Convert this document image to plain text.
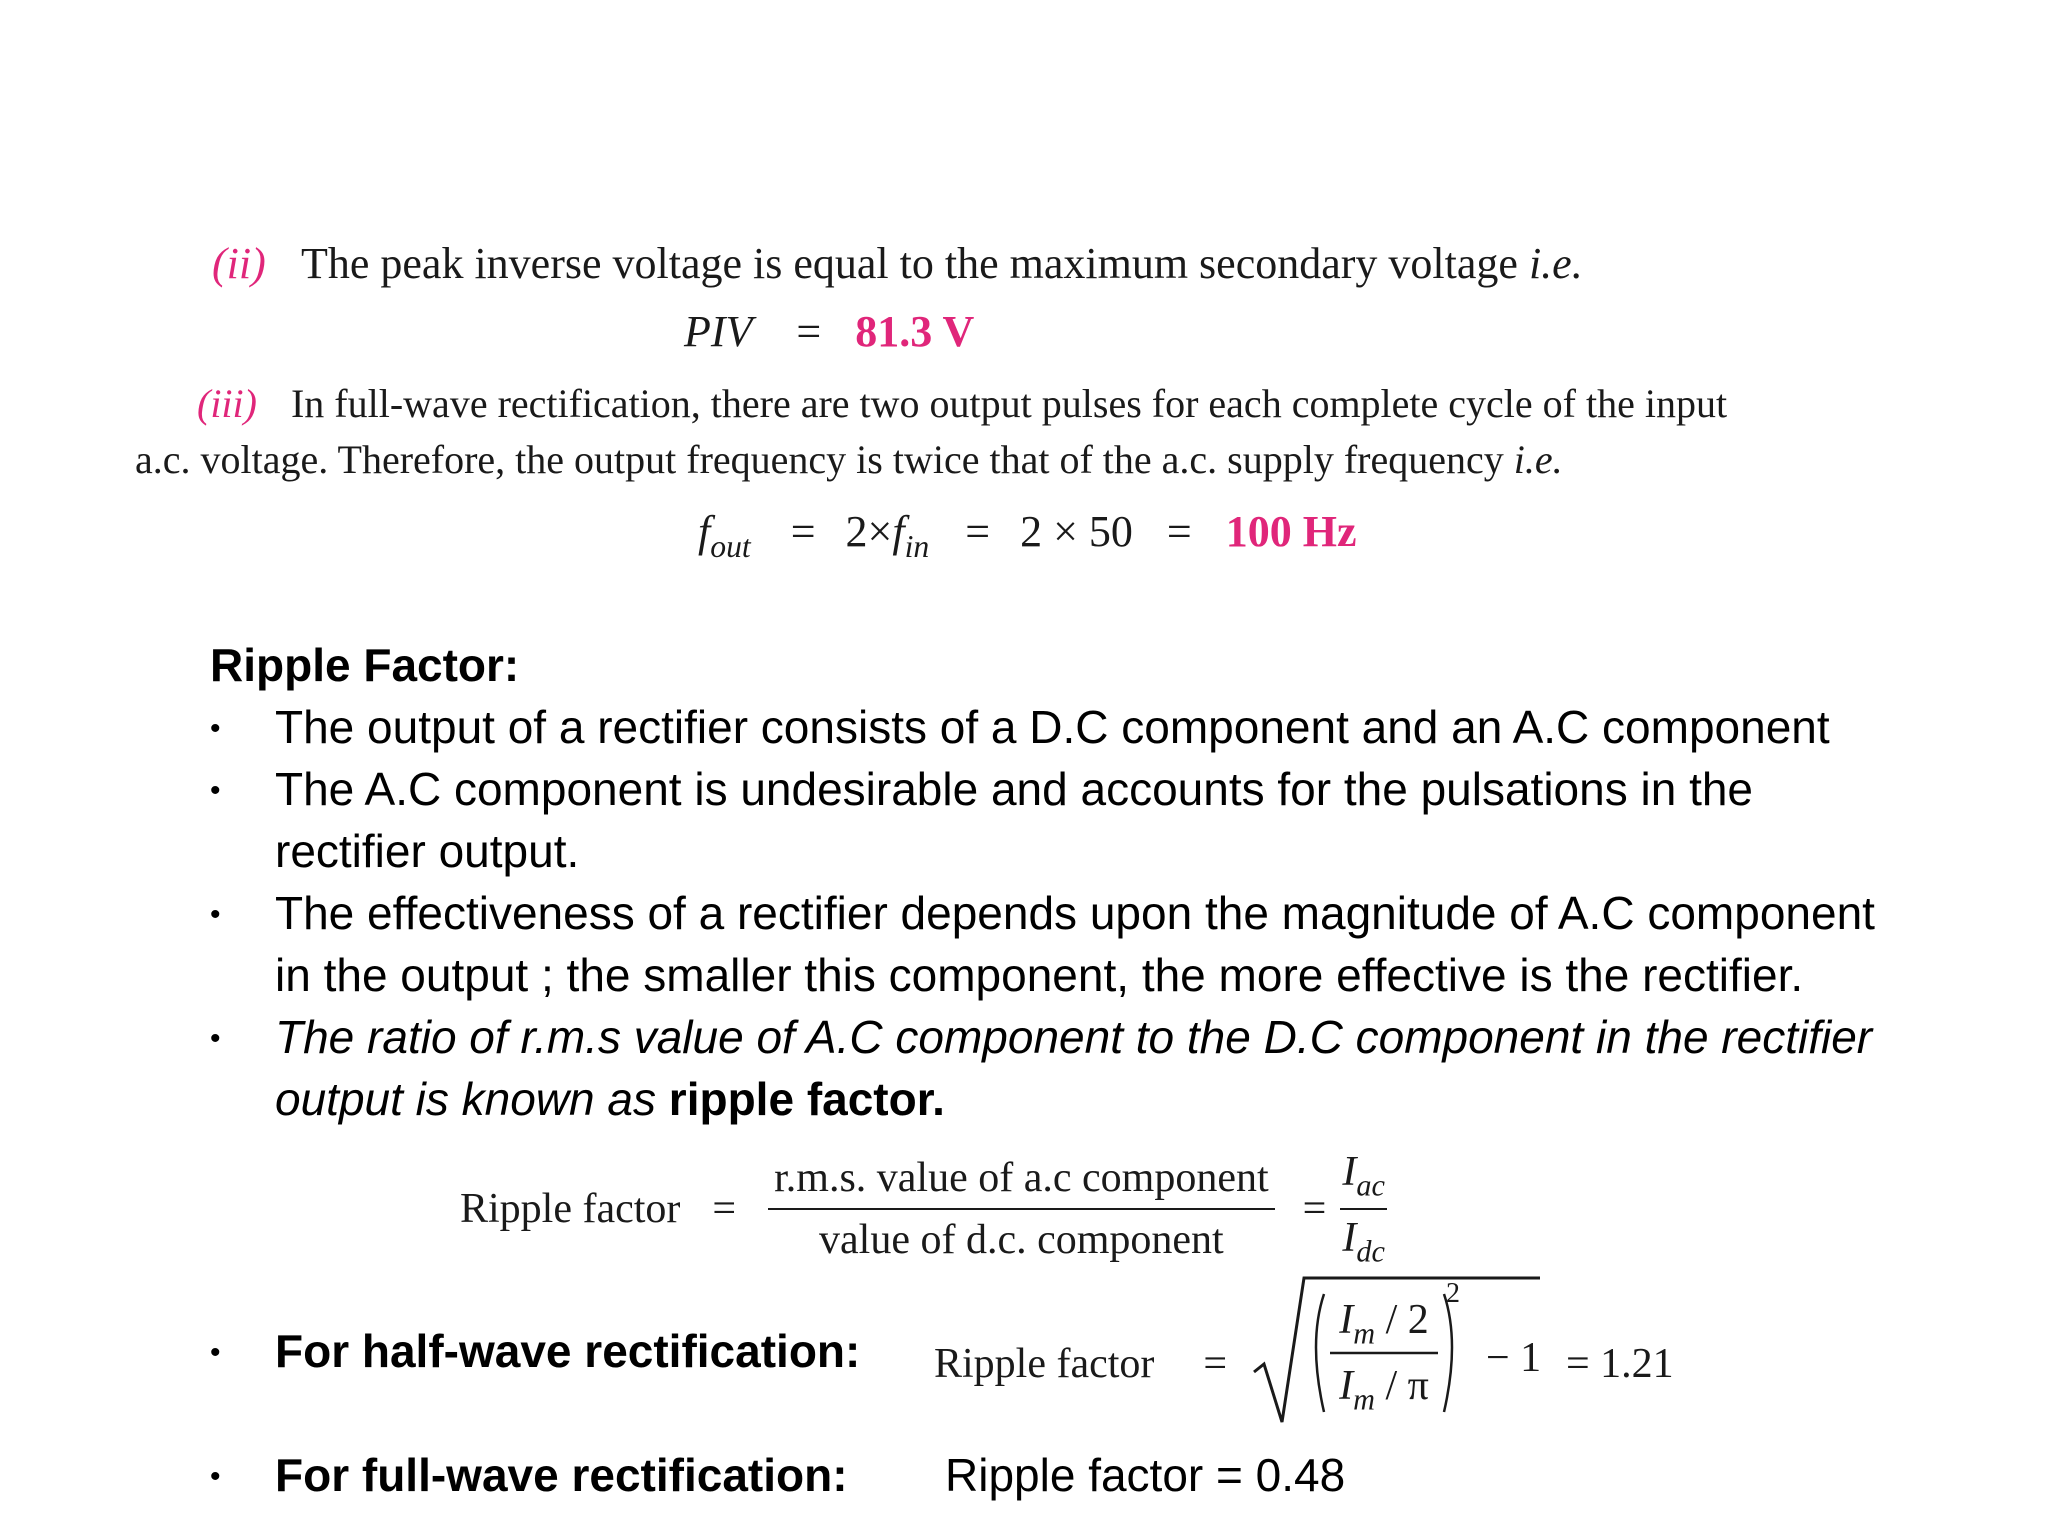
(ii) The peak inverse voltage is equal to the maximum secondary voltage i.e.
PIV = 81.3 V
(iii) In full-wave rectification, there are two output pulses for each complete cycle of the input
a.c. voltage. Therefore, the output frequency is twice that of the a.c. supply frequency i.e.
$f_{out} = 2\times f_{in} = 2 \times 50 = 100$ Hz
Ripple Factor:
• The output of a rectifier consists of a D.C component and an A.C component
• The A.C component is undesirable and accounts for the pulsations in the
rectifier output.
• The effectiveness of a rectifier depends upon the magnitude of A.C component
in the output ; the smaller this component, the more effective is the rectifier.
• The ratio of r.m.s value of A.C component to the D.C component in the rectifier
output is known as ripple factor.
Ripple factor = $\frac{\text{r.m.s. value of a.c component}}{\text{value of d.c. component}} = \frac{I_{ac}}{I_{dc}}$
• For half-wave rectification: Ripple factor =
$I_m / 2$
$I_m$ / π
2
− 1 = 1.21
• For full-wave rectification: Ripple factor = 0.48
